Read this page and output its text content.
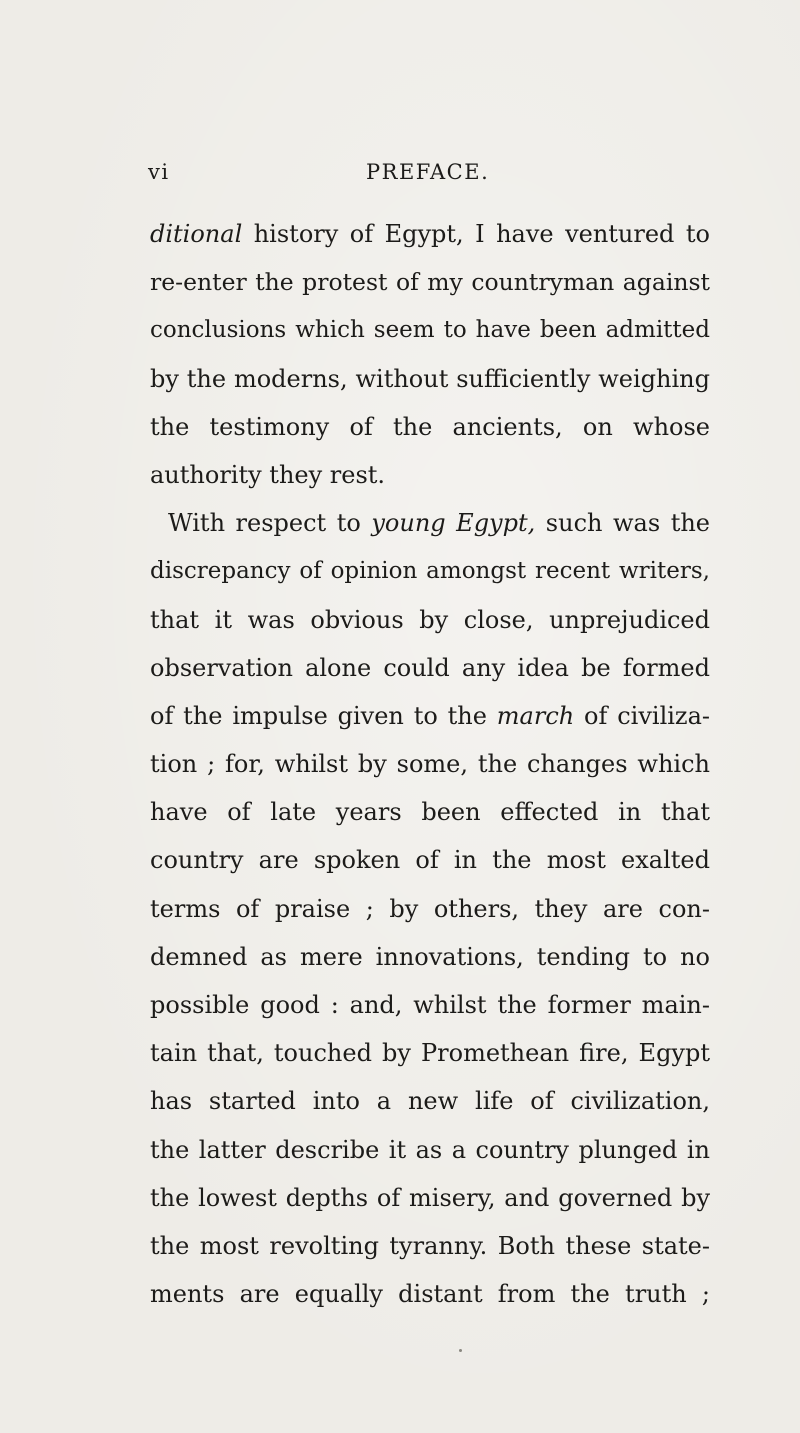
vi	PREFACE.
ditional history of Egypt, I have ventured to
re-enter the protest of my countryman against
conclusions which seem to have been admitted
by the moderns, without sufficiently weighing
the testimony of the ancients, on whose
authority they rest.
With respect to young Egypt, such was the
discrepancy of opinion amongst recent writers,
that it was obvious by close, unprejudiced
observation alone could any idea be formed
of the impulse given to the march of civiliza-
tion ; for, whilst by some, the changes which
have of late years been effected in that
country are spoken of in the most exalted
terms of praise ; by others, they are con-
demned as mere innovations, tending to no
possible good : and, whilst the former main-
tain that, touched by Promethean fire, Egypt
has started into a new life of civilization,
the latter describe it as a country plunged in
the lowest depths of misery, and governed by
the most revolting tyranny. Both these state-
ments are equally distant from the truth ;
